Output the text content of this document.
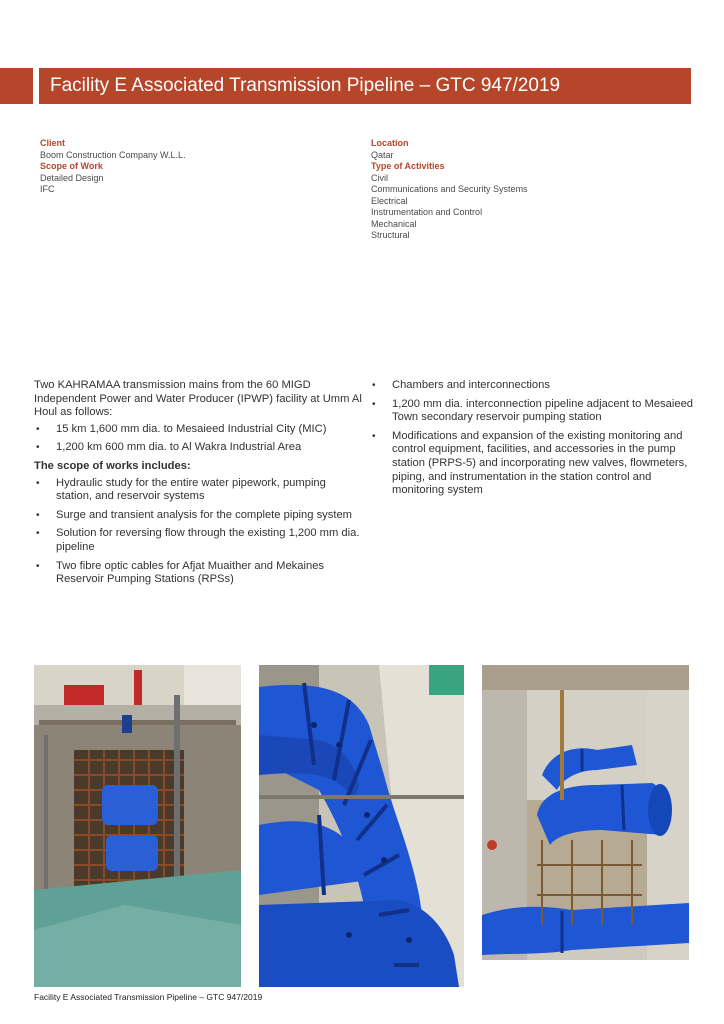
Facility E Associated Transmission Pipeline – GTC 947/2019
Client
Boom Construction Company W.L.L.
Scope of Work
Detailed Design
IFC
Location
Qatar
Type of Activities
Civil
Communications and Security Systems
Electrical
Instrumentation and Control
Mechanical
Structural

Two KAHRAMAA transmission mains from the 60 MIGD Independent Power and Water Producer (IPWP) facility at Umm Al Houl as follows:

• 15 km 1,600 mm dia. to Mesaieed Industrial City (MIC)
• 1,200 km 600 mm dia. to Al Wakra Industrial Area

The scope of works includes:

• Hydraulic study for the entire water pipework, pumping station, and reservoir systems
• Surge and transient analysis for the complete piping system
• Solution for reversing flow through the existing 1,200 mm dia. pipeline
• Two fibre optic cables for Afjat Muaither and Mekaines Reservoir Pumping Stations (RPSs)
• Chambers and interconnections
• 1,200 mm dia. interconnection pipeline adjacent to Mesaieed Town secondary reservoir pumping station
• Modifications and expansion of the existing monitoring and control equipment, facilities, and accessories in the pump station (PRPS-5) and incorporating new valves, flowmeters, piping, and instrumentation in the station control and monitoring system
Facility E Associated Transmission Pipeline – GTC 947/2019
